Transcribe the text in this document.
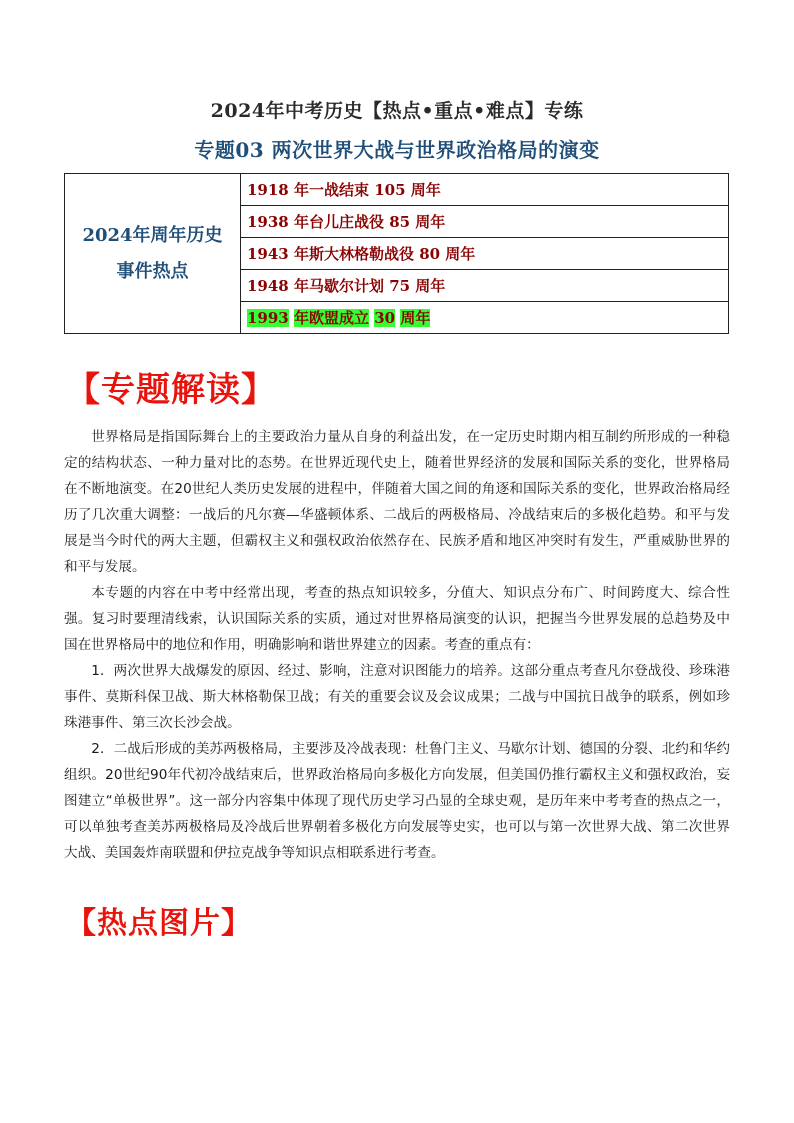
2024年中考历史【热点•重点•难点】专练
专题03 两次世界大战与世界政治格局的演变
2024年周年历史
事件热点
	1918 年一战结束 105 周年
1938 年台儿庄战役 85 周年
1943 年斯大林格勒战役 80 周年
1948 年马歇尔计划 75 周年
1993 年欧盟成立 30 周年
【专题解读】

世界格局是指国际舞台上的主要政治力量从自身的利益出发，在一定历史时期内相互制约所形成的一种稳定的结构状态、一种力量对比的态势。在世界近现代史上，随着世界经济的发展和国际关系的变化，世界格局在不断地演变。在20世纪人类历史发展的进程中，伴随着大国之间的角逐和国际关系的变化，世界政治格局经历了几次重大调整：一战后的凡尔赛—华盛顿体系、二战后的两极格局、冷战结束后的多极化趋势。和平与发展是当今时代的两大主题，但霸权主义和强权政治依然存在、民族矛盾和地区冲突时有发生，严重威胁世界的和平与发展。

本专题的内容在中考中经常出现，考查的热点知识较多，分值大、知识点分布广、时间跨度大、综合性强。复习时要理清线索，认识国际关系的实质，通过对世界格局演变的认识，把握当今世界发展的总趋势及中国在世界格局中的地位和作用，明确影响和谐世界建立的因素。考查的重点有：

1．两次世界大战爆发的原因、经过、影响，注意对识图能力的培养。这部分重点考查凡尔登战役、珍珠港事件、莫斯科保卫战、斯大林格勒保卫战；有关的重要会议及会议成果；二战与中国抗日战争的联系，例如珍珠港事件、第三次长沙会战。

2．二战后形成的美苏两极格局，主要涉及冷战表现：杜鲁门主义、马歇尔计划、德国的分裂、北约和华约组织。20世纪90年代初冷战结束后，世界政治格局向多极化方向发展，但美国仍推行霸权主义和强权政治，妄图建立“单极世界”。这一部分内容集中体现了现代历史学习凸显的全球史观，是历年来中考考查的热点之一，可以单独考查美苏两极格局及冷战后世界朝着多极化方向发展等史实，也可以与第一次世界大战、第二次世界大战、美国轰炸南联盟和伊拉克战争等知识点相联系进行考查。

【热点图片】
